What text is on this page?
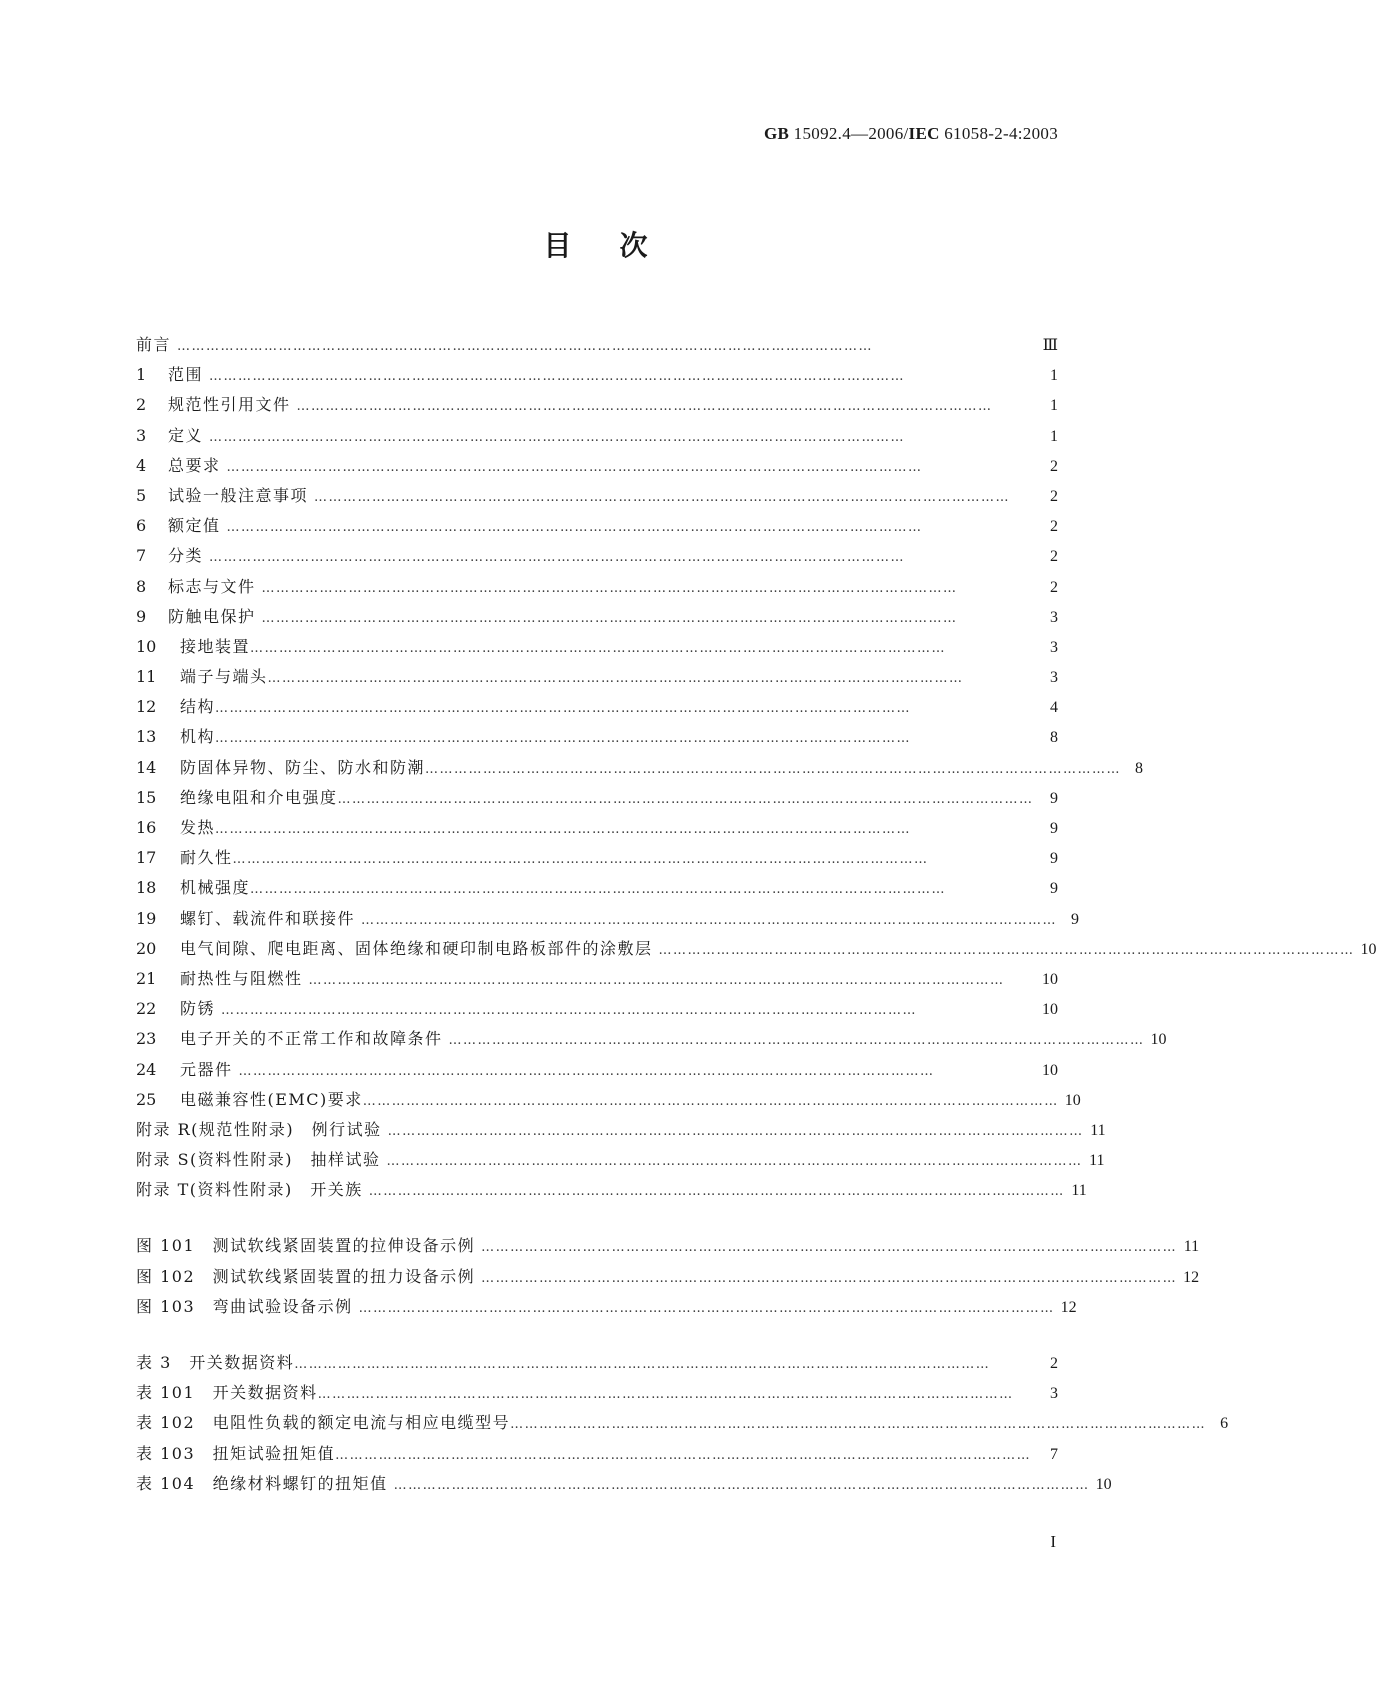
GB 15092.4—2006/IEC 61058-2-4:2003
目次
前言 ………………………………………………………………………………………………………………………………	Ⅲ
1	范围 ………………………………………………………………………………………………………………………………	1
2	规范性引用文件 ………………………………………………………………………………………………………………………………	1
3	定义 ………………………………………………………………………………………………………………………………	1
4	总要求 ………………………………………………………………………………………………………………………………	2
5	试验一般注意事项 ………………………………………………………………………………………………………………………………	2
6	额定值 ………………………………………………………………………………………………………………………………	2
7	分类 ………………………………………………………………………………………………………………………………	2
8	标志与文件 ………………………………………………………………………………………………………………………………	2
9	防触电保护 ………………………………………………………………………………………………………………………………	3
10	接地装置 ………………………………………………………………………………………………………………………………	3
11	端子与端头 ………………………………………………………………………………………………………………………………	3
12	结构 ………………………………………………………………………………………………………………………………	4
13	机构 ………………………………………………………………………………………………………………………………	8
14	防固体异物、防尘、防水和防潮 ……………………………………………………………………………………………………………………………… 8
15	绝缘电阻和介电强度 ………………………………………………………………………………………………………………………………	9
16	发热 ………………………………………………………………………………………………………………………………	9
17	耐久性 ………………………………………………………………………………………………………………………………	9
18	机械强度 ………………………………………………………………………………………………………………………………	9
19	螺钉、载流件和联接件 ……………………………………………………………………………………………………………………………… 9
20	电气间隙、爬电距离、固体绝缘和硬印制电路板部件的涂敷层 ……………………………………………………………………………………………………………………………… 10
21	耐热性与阻燃性 ………………………………………………………………………………………………………………………………	10
22	防锈 ………………………………………………………………………………………………………………………………	10
23	电子开关的不正常工作和故障条件 ……………………………………………………………………………………………………………………………… 10
24	元器件 ………………………………………………………………………………………………………………………………	10
25	电磁兼容性(EMC)要求 ……………………………………………………………………………………………………………………………… 10
附录 R(规范性附录)　例行试验 ……………………………………………………………………………………………………………………………… 11
附录 S(资料性附录)　抽样试验 ……………………………………………………………………………………………………………………………… 11
附录 T(资料性附录)　开关族 ……………………………………………………………………………………………………………………………… 11
图 101　测试软线紧固装置的拉伸设备示例 ……………………………………………………………………………………………………………………………… 11
图 102　测试软线紧固装置的扭力设备示例 ……………………………………………………………………………………………………………………………… 12
图 103　弯曲试验设备示例 ……………………………………………………………………………………………………………………………… 12
表 3　开关数据资料 ………………………………………………………………………………………………………………………………	2
表 101　开关数据资料 ………………………………………………………………………………………………………………………………	3
表 102　电阻性负载的额定电流与相应电缆型号 ……………………………………………………………………………………………………………………………… 6
表 103　扭矩试验扭矩值 ………………………………………………………………………………………………………………………………	7
表 104　绝缘材料螺钉的扭矩值 ……………………………………………………………………………………………………………………………… 10
I
